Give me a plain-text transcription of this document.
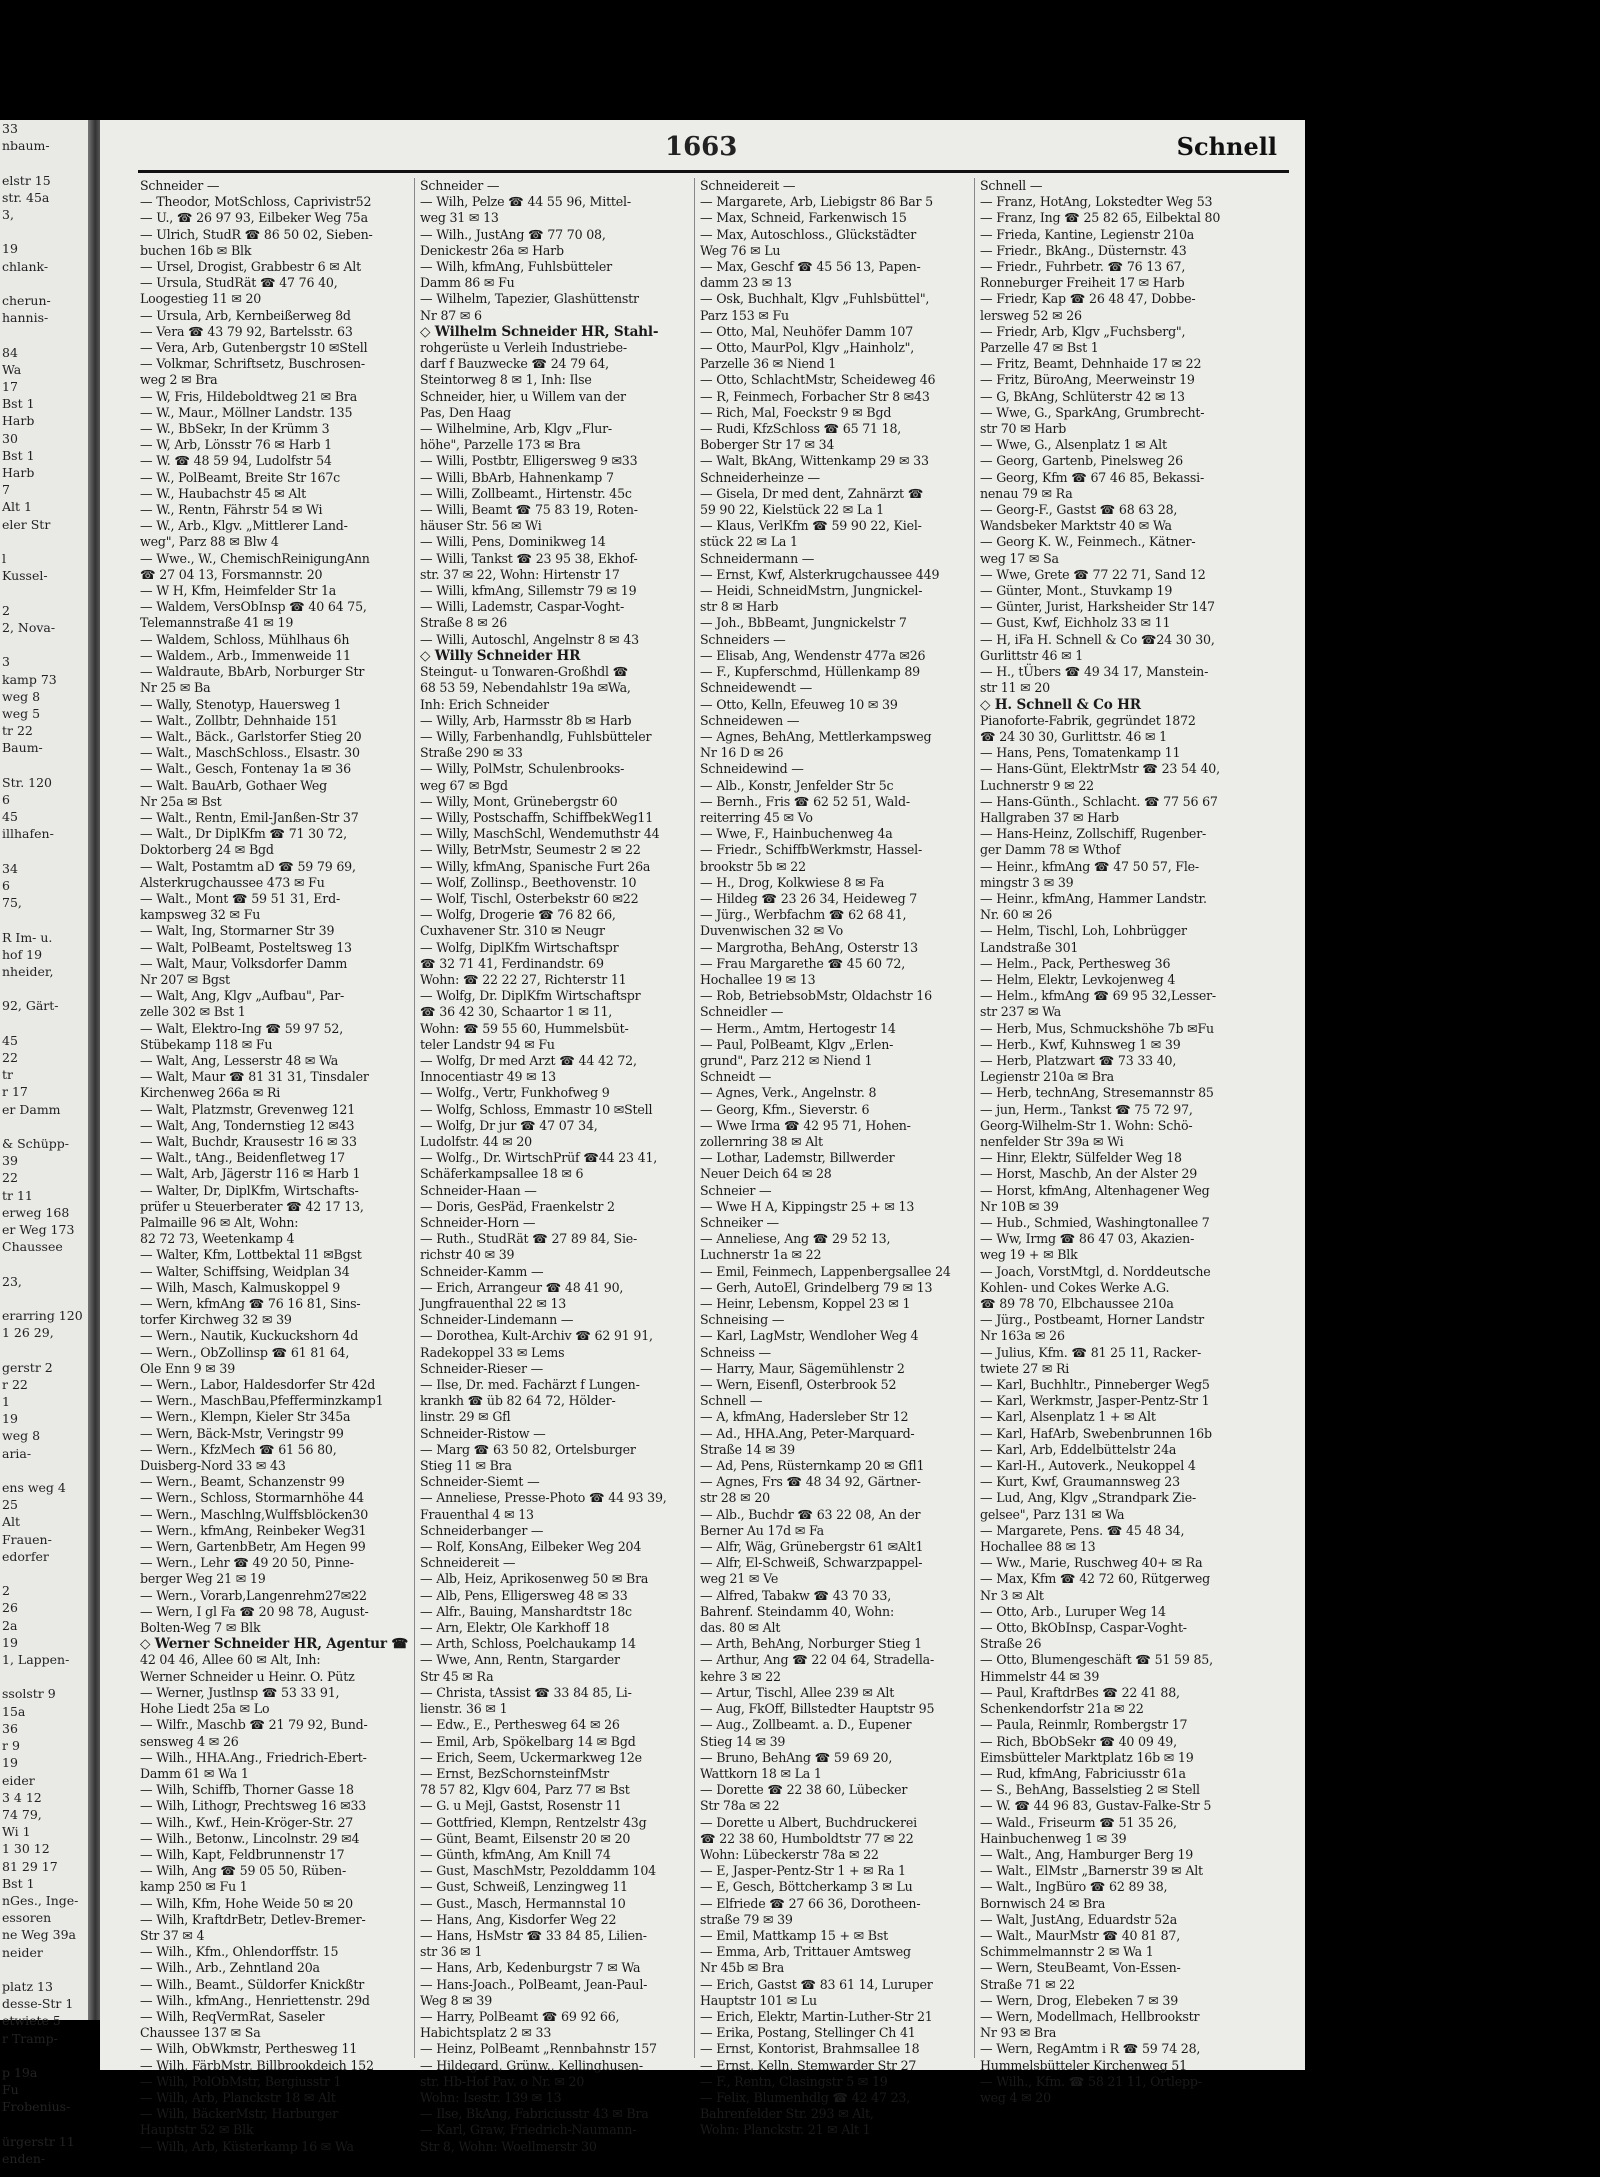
33
nbaum-

elstr 15
str. 45a
3,

19
chlank-

cherun-
hannis-

84
Wa
17
Bst 1
Harb
30
Bst 1
Harb
7
Alt 1
eler Str

l
Kussel-

2
2, Nova-

3
kamp 73
weg 8
weg 5
tr 22
Baum-

Str. 120
6
45
illhafen-

34
6
75,

R Im- u.
hof 19
nheider,

92, Gärt-

45
22
tr
r 17
er Damm

& Schüpp-
39
22
tr 11
erweg 168
er Weg 173
Chaussee

23,

erarring 120
1 26 29,

gerstr 2
r 22
1
19
weg 8
aria-

ens weg 4
25
Alt
Frauen-
edorfer

2
26
2a
19
1, Lappen-

ssolstr 9
15a
36
r 9
19
eider
3 4 12
74 79,
Wi 1
1 30 12
81 29 17
Bst 1
nGes., Inge-
essoren
ne Weg 39a
neider

platz 13
desse-Str 1
etwiete 5
r Tramp-

p 19a
Fu
Frobenius-

ürgerstr 11
enden-
1663	Schnell
Schneider —
— Theodor, MotSchloss, Caprivistr52
— U., ☎ 26 97 93, Eilbeker Weg 75a
— Ulrich, StudR ☎ 86 50 02, Sieben-
buchen 16b ✉ Blk
— Ursel, Drogist, Grabbestr 6 ✉ Alt
— Ursula, StudRät ☎ 47 76 40,
Loogestieg 11 ✉ 20
— Ursula, Arb, Kernbeißerweg 8d
— Vera ☎ 43 79 92, Bartelsstr. 63
— Vera, Arb, Gutenbergstr 10 ✉Stell
— Volkmar, Schriftsetz, Buschrosen-
weg 2 ✉ Bra
— W, Fris, Hildeboldtweg 21 ✉ Bra
— W., Maur., Möllner Landstr. 135
— W., BbSekr, In der Krümm 3
— W, Arb, Lönsstr 76 ✉ Harb 1
— W. ☎ 48 59 94, Ludolfstr 54
— W., PolBeamt, Breite Str 167c
— W., Haubachstr 45 ✉ Alt
— W., Rentn, Fährstr 54 ✉ Wi
— W., Arb., Klgv. „Mittlerer Land-
weg", Parz 88 ✉ Blw 4
— Wwe., W., ChemischReinigungAnn
☎ 27 04 13, Forsmannstr. 20
— W H, Kfm, Heimfelder Str 1a
— Waldem, VersObInsp ☎ 40 64 75,
Telemannstraße 41 ✉ 19
— Waldem, Schloss, Mühlhaus 6h
— Waldem., Arb., Immenweide 11
— Waldraute, BbArb, Norburger Str
Nr 25 ✉ Ba
— Wally, Stenotyp, Hauersweg 1
— Walt., Zollbtr, Dehnhaide 151
— Walt., Bäck., Garlstorfer Stieg 20
— Walt., MaschSchloss., Elsastr. 30
— Walt., Gesch, Fontenay 1a ✉ 36
— Walt. BauArb, Gothaer Weg
Nr 25a ✉ Bst
— Walt., Rentn, Emil-Janßen-Str 37
— Walt., Dr DiplKfm ☎ 71 30 72,
Doktorberg 24 ✉ Bgd
— Walt, Postamtm aD ☎ 59 79 69,
Alsterkrugchaussee 473 ✉ Fu
— Walt., Mont ☎ 59 51 31, Erd-
kampsweg 32 ✉ Fu
— Walt, Ing, Stormarner Str 39
— Walt, PolBeamt, Posteltsweg 13
— Walt, Maur, Volksdorfer Damm
Nr 207 ✉ Bgst
— Walt, Ang, Klgv „Aufbau", Par-
zelle 302 ✉ Bst 1
— Walt, Elektro-Ing ☎ 59 97 52,
Stübekamp 118 ✉ Fu
— Walt, Ang, Lesserstr 48 ✉ Wa
— Walt, Maur ☎ 81 31 31, Tinsdaler
Kirchenweg 266a ✉ Ri
— Walt, Platzmstr, Grevenweg 121
— Walt, Ang, Tondernstieg 12 ✉43
— Walt, Buchdr, Krausestr 16 ✉ 33
— Walt., tAng., Beidenfletweg 17
— Walt, Arb, Jägerstr 116 ✉ Harb 1
— Walter, Dr, DiplKfm, Wirtschafts-
prüfer u Steuerberater ☎ 42 17 13,
Palmaille 96 ✉ Alt, Wohn:
82 72 73, Weetenkamp 4
— Walter, Kfm, Lottbektal 11 ✉Bgst
— Walter, Schiffsing, Weidplan 34
— Wilh, Masch, Kalmuskoppel 9
— Wern, kfmAng ☎ 76 16 81, Sins-
torfer Kirchweg 32 ✉ 39
— Wern., Nautik, Kuckuckshorn 4d
— Wern., ObZollinsp ☎ 61 81 64,
Ole Enn 9 ✉ 39
— Wern., Labor, Haldesdorfer Str 42d
— Wern., MaschBau,Pfefferminzkamp1
— Wern., Klempn, Kieler Str 345a
— Wern, Bäck-Mstr, Veringstr 99
— Wern., KfzMech ☎ 61 56 80,
Duisberg-Nord 33 ✉ 43
— Wern., Beamt, Schanzenstr 99
— Wern., Schloss, Stormarnhöhe 44
— Wern., Maschlng,Wulffsblöcken30
— Wern., kfmAng, Reinbeker Weg31
— Wern, GartenbBetr, Am Hegen 99
— Wern., Lehr ☎ 49 20 50, Pinne-
berger Weg 21 ✉ 19
— Wern., Vorarb,Langenrehm27✉22
— Wern, I gl Fa ☎ 20 98 78, August-
Bolten-Weg 7 ✉ Blk
◇ Werner Schneider HR, Agentur ☎
42 04 46, Allee 60 ✉ Alt, Inh:
Werner Schneider u Heinr. O. Pütz
— Werner, Justlnsp ☎ 53 33 91,
Hohe Liedt 25a ✉ Lo
— Wilfr., Maschb ☎ 21 79 92, Bund-
sensweg 4 ✉ 26
— Wilh., HHA.Ang., Friedrich-Ebert-
Damm 61 ✉ Wa 1
— Wilh, Schiffb, Thorner Gasse 18
— Wilh, Lithogr, Prechtsweg 16 ✉33
— Wilh., Kwf., Hein-Kröger-Str. 27
— Wilh., Betonw., Lincolnstr. 29 ✉4
— Wilh, Kapt, Feldbrunnenstr 17
— Wilh, Ang ☎ 59 05 50, Rüben-
kamp 250 ✉ Fu 1
— Wilh, Kfm, Hohe Weide 50 ✉ 20
— Wilh, KraftdrBetr, Detlev-Bremer-
Str 37 ✉ 4
— Wilh., Kfm., Ohlendorffstr. 15
— Wilh., Arb., Zehntland 20a
— Wilh., Beamt., Süldorfer Knickßtr
— Wilh., kfmAng., Henriettenstr. 29d
— Wilh, ReqVermRat, Saseler
Chaussee 137 ✉ Sa
— Wilh, ObWkmstr, Perthesweg 11
— Wilh, FärbMstr, Billbrookdeich 152
— Wilh, PolObMstr, Bergiusstr 1
— Wilh, Arb, Planckstr 18 ✉ Alt
— Wilh, BäckerMstr, Harburger
Hauptstr 52 ✉ Blk
— Wilh, Arb, Küsterkamp 16 ✉ Wa
Schneider —
— Wilh, Pelze ☎ 44 55 96, Mittel-
weg 31 ✉ 13
— Wilh., JustAng ☎ 77 70 08,
Denickestr 26a ✉ Harb
— Wilh, kfmAng, Fuhlsbütteler
Damm 86 ✉ Fu
— Wilhelm, Tapezier, Glashüttenstr
Nr 87 ✉ 6
◇ Wilhelm Schneider HR, Stahl-
rohgerüste u Verleih Industriebe-
darf f Bauzwecke ☎ 24 79 64,
Steintorweg 8 ✉ 1, Inh: Ilse
Schneider, hier, u Willem van der
Pas, Den Haag
— Wilhelmine, Arb, Klgv „Flur-
höhe", Parzelle 173 ✉ Bra
— Willi, Postbtr, Elligersweg 9 ✉33
— Willi, BbArb, Hahnenkamp 7
— Willi, Zollbeamt., Hirtenstr. 45c
— Willi, Beamt ☎ 75 83 19, Roten-
häuser Str. 56 ✉ Wi
— Willi, Pens, Dominikweg 14
— Willi, Tankst ☎ 23 95 38, Ekhof-
str. 37 ✉ 22, Wohn: Hirtenstr 17
— Willi, kfmAng, Sillemstr 79 ✉ 19
— Willi, Lademstr, Caspar-Voght-
Straße 8 ✉ 26
— Willi, Autoschl, Angelnstr 8 ✉ 43
◇ Willy Schneider HR
Steingut- u Tonwaren-Großhdl ☎
68 53 59, Nebendahlstr 19a ✉Wa,
Inh: Erich Schneider
— Willy, Arb, Harmsstr 8b ✉ Harb
— Willy, Farbenhandlg, Fuhlsbütteler
Straße 290 ✉ 33
— Willy, PolMstr, Schulenbrooks-
weg 67 ✉ Bgd
— Willy, Mont, Grünebergstr 60
— Willy, Postschaffn, SchiffbekWeg11
— Willy, MaschSchl, Wendemuthstr 44
— Willy, BetrMstr, Seumestr 2 ✉ 22
— Willy, kfmAng, Spanische Furt 26a
— Wolf, Zollinsp., Beethovenstr. 10
— Wolf, Tischl, Osterbekstr 60 ✉22
— Wolfg, Drogerie ☎ 76 82 66,
Cuxhavener Str. 310 ✉ Neugr
— Wolfg, DiplKfm Wirtschaftspr
☎ 32 71 41, Ferdinandstr. 69
Wohn: ☎ 22 22 27, Richterstr 11
— Wolfg, Dr. DiplKfm Wirtschaftspr
☎ 36 42 30, Schaartor 1 ✉ 11,
Wohn: ☎ 59 55 60, Hummelsbüt-
teler Landstr 94 ✉ Fu
— Wolfg, Dr med Arzt ☎ 44 42 72,
Innocentiastr 49 ✉ 13
— Wolfg., Vertr, Funkhofweg 9
— Wolfg, Schloss, Emmastr 10 ✉Stell
— Wolfg, Dr jur ☎ 47 07 34,
Ludolfstr. 44 ✉ 20
— Wolfg., Dr. WirtschPrüf ☎44 23 41,
Schäferkampsallee 18 ✉ 6
Schneider-Haan —
— Doris, GesPäd, Fraenkelstr 2
Schneider-Horn —
— Ruth., StudRät ☎ 27 89 84, Sie-
richstr 40 ✉ 39
Schneider-Kamm —
— Erich, Arrangeur ☎ 48 41 90,
Jungfrauenthal 22 ✉ 13
Schneider-Lindemann —
— Dorothea, Kult-Archiv ☎ 62 91 91,
Radekoppel 33 ✉ Lems
Schneider-Rieser —
— Ilse, Dr. med. Fachärzt f Lungen-
krankh ☎ üb 82 64 72, Hölder-
linstr. 29 ✉ Gfl
Schneider-Ristow —
— Marg ☎ 63 50 82, Ortelsburger
Stieg 11 ✉ Bra
Schneider-Siemt —
— Anneliese, Presse-Photo ☎ 44 93 39,
Frauenthal 4 ✉ 13
Schneiderbanger —
— Rolf, KonsAng, Eilbeker Weg 204
Schneidereit —
— Alb, Heiz, Aprikosenweg 50 ✉ Bra
— Alb, Pens, Elligersweg 48 ✉ 33
— Alfr., Bauing, Manshardtstr 18c
— Arn, Elektr, Ole Karkhoff 18
— Arth, Schloss, Poelchaukamp 14
— Wwe, Ann, Rentn, Stargarder
Str 45 ✉ Ra
— Christa, tAssist ☎ 33 84 85, Li-
lienstr. 36 ✉ 1
— Edw., E., Perthesweg 64 ✉ 26
— Emil, Arb, Spökelbarg 14 ✉ Bgd
— Erich, Seem, Uckermarkweg 12e
— Ernst, BezSchornsteinfMstr
78 57 82, Klgv 604, Parz 77 ✉ Bst
— G. u Mejl, Gastst, Rosenstr 11
— Gottfried, Klempn, Rentzelstr 43g
— Günt, Beamt, Eilsenstr 20 ✉ 20
— Günth, kfmAng, Am Knill 74
— Gust, MaschMstr, Pezolddamm 104
— Gust, Schweiß, Lenzingweg 11
— Gust., Masch, Hermannstal 10
— Hans, Ang, Kisdorfer Weg 22
— Hans, HsMstr ☎ 33 84 85, Lilien-
str 36 ✉ 1
— Hans, Arb, Kedenburgstr 7 ✉ Wa
— Hans-Joach., PolBeamt, Jean-Paul-
Weg 8 ✉ 39
— Harry, PolBeamt ☎ 69 92 66,
Habichtsplatz 2 ✉ 33
— Heinz, PolBeamt „Rennbahnstr 157
— Hildegard, Grünw., Kellinghusen-
str. Hb-Hof Pav. o Nr. ✉ 20
Wohn: Isestr. 139 ✉ 13
— Ilse, BkAng, Fabriciusstr 43 ✉ Bra
— Karl, Graw, Friedrich-Naumann-
Str 8, Wohn: Woellmerstr 30
Schneidereit —
— Margarete, Arb, Liebigstr 86 Bar 5
— Max, Schneid, Farkenwisch 15
— Max, Autoschloss., Glückstädter
Weg 76 ✉ Lu
— Max, Geschf ☎ 45 56 13, Papen-
damm 23 ✉ 13
— Osk, Buchhalt, Klgv „Fuhlsbüttel",
Parz 153 ✉ Fu
— Otto, Mal, Neuhöfer Damm 107
— Otto, MaurPol, Klgv „Hainholz",
Parzelle 36 ✉ Niend 1
— Otto, SchlachtMstr, Scheideweg 46
— R, Feinmech, Forbacher Str 8 ✉43
— Rich, Mal, Foeckstr 9 ✉ Bgd
— Rudi, KfzSchloss ☎ 65 71 18,
Boberger Str 17 ✉ 34
— Walt, BkAng, Wittenkamp 29 ✉ 33
Schneiderheinze —
— Gisela, Dr med dent, Zahnärzt ☎
59 90 22, Kielstück 22 ✉ La 1
— Klaus, VerlKfm ☎ 59 90 22, Kiel-
stück 22 ✉ La 1
Schneidermann —
— Ernst, Kwf, Alsterkrugchaussee 449
— Heidi, SchneidMstrn, Jungnickel-
str 8 ✉ Harb
— Joh., BbBeamt, Jungnickelstr 7
Schneiders —
— Elisab, Ang, Wendenstr 477a ✉26
— F., Kupferschmd, Hüllenkamp 89
Schneidewendt —
— Otto, Kelln, Efeuweg 10 ✉ 39
Schneidewen —
— Agnes, BehAng, Mettlerkampsweg
Nr 16 D ✉ 26
Schneidewind —
— Alb., Konstr, Jenfelder Str 5c
— Bernh., Fris ☎ 62 52 51, Wald-
reiterring 45 ✉ Vo
— Wwe, F., Hainbuchenweg 4a
— Friedr., SchiffbWerkmstr, Hassel-
brookstr 5b ✉ 22
— H., Drog, Kolkwiese 8 ✉ Fa
— Hildeg ☎ 23 26 34, Heideweg 7
— Jürg., Werbfachm ☎ 62 68 41,
Duvenwischen 32 ✉ Vo
— Margrotha, BehAng, Osterstr 13
— Frau Margarethe ☎ 45 60 72,
Hochallee 19 ✉ 13
— Rob, BetriebsobMstr, Oldachstr 16
Schneidler —
— Herm., Amtm, Hertogestr 14
— Paul, PolBeamt, Klgv „Erlen-
grund", Parz 212 ✉ Niend 1
Schneidt —
— Agnes, Verk., Angelnstr. 8
— Georg, Kfm., Sieverstr. 6
— Wwe Irma ☎ 42 95 71, Hohen-
zollernring 38 ✉ Alt
— Lothar, Lademstr, Billwerder
Neuer Deich 64 ✉ 28
Schneier —
— Wwe H A, Kippingstr 25 + ✉ 13
Schneiker —
— Anneliese, Ang ☎ 29 52 13,
Luchnerstr 1a ✉ 22
— Emil, Feinmech, Lappenbergsallee 24
— Gerh, AutoEl, Grindelberg 79 ✉ 13
— Heinr, Lebensm, Koppel 23 ✉ 1
Schneising —
— Karl, LagMstr, Wendloher Weg 4
Schneiss —
— Harry, Maur, Sägemühlenstr 2
— Wern, Eisenfl, Osterbrook 52
Schnell —
— A, kfmAng, Hadersleber Str 12
— Ad., HHA.Ang, Peter-Marquard-
Straße 14 ✉ 39
— Ad, Pens, Rüsternkamp 20 ✉ Gfl1
— Agnes, Frs ☎ 48 34 92, Gärtner-
str 28 ✉ 20
— Alb., Buchdr ☎ 63 22 08, An der
Berner Au 17d ✉ Fa
— Alfr, Wäg, Grünebergstr 61 ✉Alt1
— Alfr, El-Schweiß, Schwarzpappel-
weg 21 ✉ Ve
— Alfred, Tabakw ☎ 43 70 33,
Bahrenf. Steindamm 40, Wohn:
das. 80 ✉ Alt
— Arth, BehAng, Norburger Stieg 1
— Arthur, Ang ☎ 22 04 64, Stradella-
kehre 3 ✉ 22
— Artur, Tischl, Allee 239 ✉ Alt
— Aug, FkOff, Billstedter Hauptstr 95
— Aug., Zollbeamt. a. D., Eupener
Stieg 14 ✉ 39
— Bruno, BehAng ☎ 59 69 20,
Wattkorn 18 ✉ La 1
— Dorette ☎ 22 38 60, Lübecker
Str 78a ✉ 22
— Dorette u Albert, Buchdruckerei
☎ 22 38 60, Humboldtstr 77 ✉ 22
Wohn: Lübeckerstr 78a ✉ 22
— E, Jasper-Pentz-Str 1 + ✉ Ra 1
— E, Gesch, Böttcherkamp 3 ✉ Lu
— Elfriede ☎ 27 66 36, Dorotheen-
straße 79 ✉ 39
— Emil, Mattkamp 15 + ✉ Bst
— Emma, Arb, Trittauer Amtsweg
Nr 45b ✉ Bra
— Erich, Gastst ☎ 83 61 14, Luruper
Hauptstr 101 ✉ Lu
— Erich, Elektr, Martin-Luther-Str 21
— Erika, Postang, Stellinger Ch 41
— Ernst, Kontorist, Brahmsallee 18
— Ernst, Kelln, Stemwarder Str 27
— F., Rentn, Clasingstr 5 ✉ 19
— Felix, Blumenhdlg ☎ 42 47 23,
Bahrenfelder Str. 293 ✉ Alt,
Wohn: Planckstr. 21 ✉ Alt 1
Schnell —
— Franz, HotAng, Lokstedter Weg 53
— Franz, Ing ☎ 25 82 65, Eilbektal 80
— Frieda, Kantine, Legienstr 210a
— Friedr., BkAng., Düsternstr. 43
— Friedr., Fuhrbetr. ☎ 76 13 67,
Ronneburger Freiheit 17 ✉ Harb
— Friedr, Kap ☎ 26 48 47, Dobbe-
lersweg 52 ✉ 26
— Friedr, Arb, Klgv „Fuchsberg",
Parzelle 47 ✉ Bst 1
— Fritz, Beamt, Dehnhaide 17 ✉ 22
— Fritz, BüroAng, Meerweinstr 19
— G, BkAng, Schlüterstr 42 ✉ 13
— Wwe, G., SparkAng, Grumbrecht-
str 70 ✉ Harb
— Wwe, G., Alsenplatz 1 ✉ Alt
— Georg, Gartenb, Pinelsweg 26
— Georg, Kfm ☎ 67 46 85, Bekassi-
nenau 79 ✉ Ra
— Georg-F., Gastst ☎ 68 63 28,
Wandsbeker Marktstr 40 ✉ Wa
— Georg K. W., Feinmech., Kätner-
weg 17 ✉ Sa
— Wwe, Grete ☎ 77 22 71, Sand 12
— Günter, Mont., Stuvkamp 19
— Günter, Jurist, Harksheider Str 147
— Gust, Kwf, Eichholz 33 ✉ 11
— H, iFa H. Schnell & Co ☎24 30 30,
Gurlittstr 46 ✉ 1
— H., tÜbers ☎ 49 34 17, Manstein-
str 11 ✉ 20
◇ H. Schnell & Co HR
Pianoforte-Fabrik, gegründet 1872
☎ 24 30 30, Gurlittstr. 46 ✉ 1
— Hans, Pens, Tomatenkamp 11
— Hans-Günt, ElektrMstr ☎ 23 54 40,
Luchnerstr 9 ✉ 22
— Hans-Günth., Schlacht. ☎ 77 56 67
Hallgraben 37 ✉ Harb
— Hans-Heinz, Zollschiff, Rugenber-
ger Damm 78 ✉ Wthof
— Heinr., kfmAng ☎ 47 50 57, Fle-
mingstr 3 ✉ 39
— Heinr., kfmAng, Hammer Landstr.
Nr. 60 ✉ 26
— Helm, Tischl, Loh, Lohbrügger
Landstraße 301
— Helm., Pack, Perthesweg 36
— Helm, Elektr, Levkojenweg 4
— Helm., kfmAng ☎ 69 95 32,Lesser-
str 237 ✉ Wa
— Herb, Mus, Schmuckshöhe 7b ✉Fu
— Herb., Kwf, Kuhnsweg 1 ✉ 39
— Herb, Platzwart ☎ 73 33 40,
Legienstr 210a ✉ Bra
— Herb, technAng, Stresemannstr 85
— jun, Herm., Tankst ☎ 75 72 97,
Georg-Wilhelm-Str 1. Wohn: Schö-
nenfelder Str 39a ✉ Wi
— Hinr, Elektr, Sülfelder Weg 18
— Horst, Maschb, An der Alster 29
— Horst, kfmAng, Altenhagener Weg
Nr 10B ✉ 39
— Hub., Schmied, Washingtonallee 7
— Ww, Irmg ☎ 86 47 03, Akazien-
weg 19 + ✉ Blk
— Joach, VorstMtgl, d. Norddeutsche
Kohlen- und Cokes Werke A.G.
☎ 89 78 70, Elbchaussee 210a
— Jürg., Postbeamt, Horner Landstr
Nr 163a ✉ 26
— Julius, Kfm. ☎ 81 25 11, Racker-
twiete 27 ✉ Ri
— Karl, Buchhltr., Pinneberger Weg5
— Karl, Werkmstr, Jasper-Pentz-Str 1
— Karl, Alsenplatz 1 + ✉ Alt
— Karl, HafArb, Swebenbrunnen 16b
— Karl, Arb, Eddelbüttelstr 24a
— Karl-H., Autoverk., Neukoppel 4
— Kurt, Kwf, Graumannsweg 23
— Lud, Ang, Klgv „Strandpark Zie-
gelsee", Parz 131 ✉ Wa
— Margarete, Pens. ☎ 45 48 34,
Hochallee 88 ✉ 13
— Ww., Marie, Ruschweg 40+ ✉ Ra
— Max, Kfm ☎ 42 72 60, Rütgerweg
Nr 3 ✉ Alt
— Otto, Arb., Luruper Weg 14
— Otto, BkObInsp, Caspar-Voght-
Straße 26
— Otto, Blumengeschäft ☎ 51 59 85,
Himmelstr 44 ✉ 39
— Paul, KraftdrBes ☎ 22 41 88,
Schenkendorfstr 21a ✉ 22
— Paula, Reinmlr, Rombergstr 17
— Rich, BbObSekr ☎ 40 09 49,
Eimsbütteler Marktplatz 16b ✉ 19
— Rud, kfmAng, Fabriciusstr 61a
— S., BehAng, Basselstieg 2 ✉ Stell
— W. ☎ 44 96 83, Gustav-Falke-Str 5
— Wald., Friseurm ☎ 51 35 26,
Hainbuchenweg 1 ✉ 39
— Walt., Ang, Hamburger Berg 19
— Walt., ElMstr „Barnerstr 39 ✉ Alt
— Walt., IngBüro ☎ 62 89 38,
Bornwisch 24 ✉ Bra
— Walt, JustAng, Eduardstr 52a
— Walt., MaurMstr ☎ 40 81 87,
Schimmelmannstr 2 ✉ Wa 1
— Wern, SteuBeamt, Von-Essen-
Straße 71 ✉ 22
— Wern, Drog, Elebeken 7 ✉ 39
— Wern, Modellmach, Hellbrookstr
Nr 93 ✉ Bra
— Wern, RegAmtm i R ☎ 59 74 28,
Hummelsbütteler Kirchenweg 51
— Wilh., Kfm. ☎ 58 21 11, Ortlepp-
weg 4 ✉ 20
